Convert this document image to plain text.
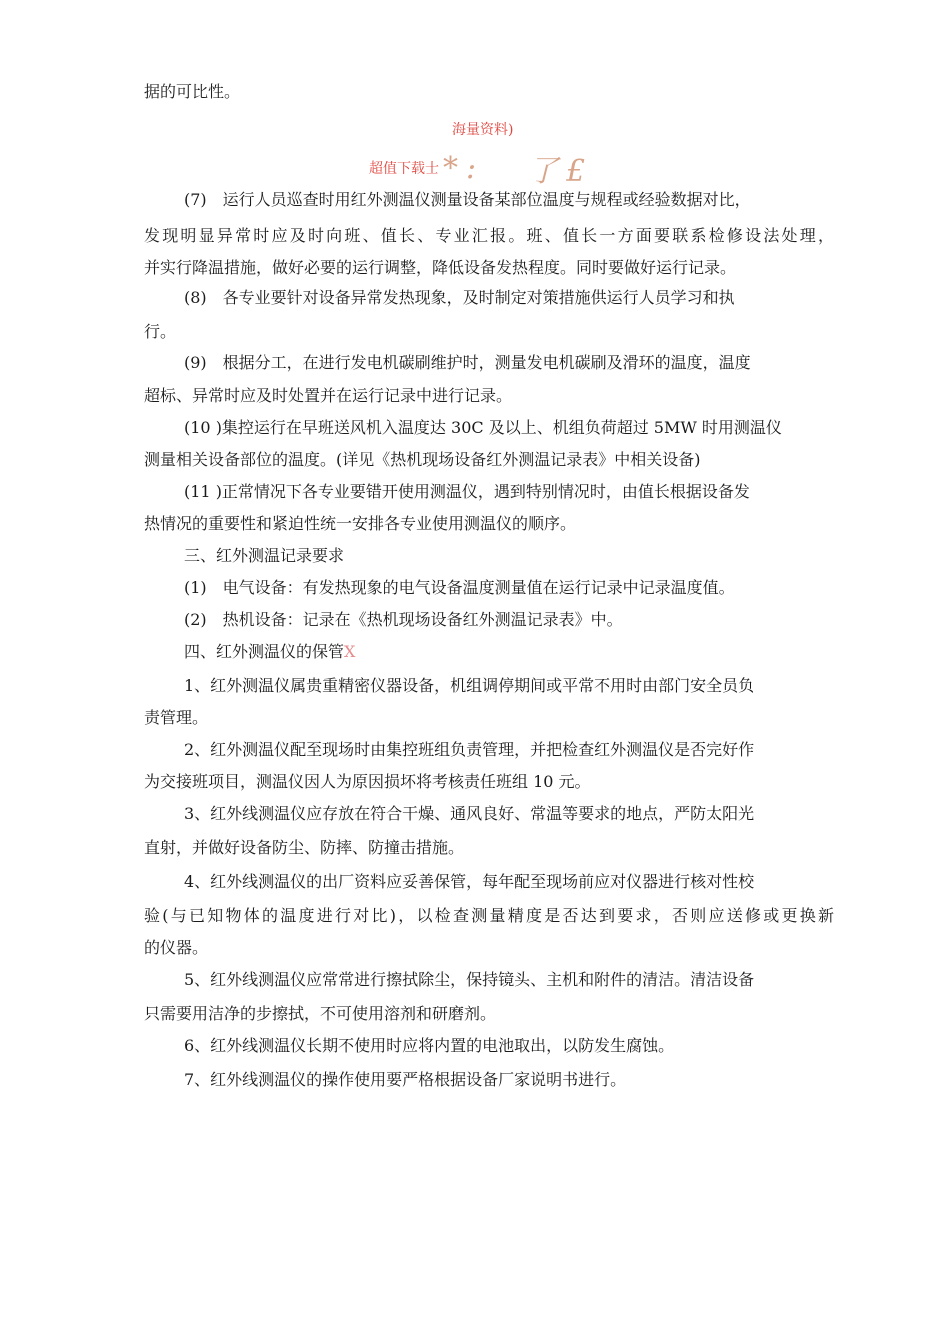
海量资料)
超值下载士 *: 了£
据的可比性。
(7)　运行人员巡查时用红外测温仪测量设备某部位温度与规程或经验数据对比，
发现明显异常时应及时向班、值长、专业汇报。班、值长一方面要联系检修设法处理，
并实行降温措施，做好必要的运行调整，降低设备发热程度。同时要做好运行记录。
(8)　各专业要针对设备异常发热现象，及时制定对策措施供运行人员学习和执
行。
(9)　根据分工，在进行发电机碳刷维护时，测量发电机碳刷及滑环的温度，温度
超标、异常时应及时处置并在运行记录中进行记录。
(10 )集控运行在早班送风机入温度达 30C 及以上、机组负荷超过 5MW 时用测温仪
测量相关设备部位的温度。(详见《热机现场设备红外测温记录表》中相关设备)
(11 )正常情况下各专业要错开使用测温仪，遇到特别情况时，由值长根据设备发
热情况的重要性和紧迫性统一安排各专业使用测温仪的顺序。
三、红外测温记录要求
(1)　电气设备：有发热现象的电气设备温度测量值在运行记录中记录温度值。
(2)　热机设备：记录在《热机现场设备红外测温记录表》中。
四、红外测温仪的保管X
1、红外测温仪属贵重精密仪器设备，机组调停期间或平常不用时由部门安全员负
责管理。
2、红外测温仪配至现场时由集控班组负责管理，并把检查红外测温仪是否完好作
为交接班项目，测温仪因人为原因损坏将考核责任班组 10 元。
3、红外线测温仪应存放在符合干燥、通风良好、常温等要求的地点，严防太阳光
直射，并做好设备防尘、防摔、防撞击措施。
4、红外线测温仪的出厂资料应妥善保管，每年配至现场前应对仪器进行核对性校
验(与已知物体的温度进行对比)，以检查测量精度是否达到要求，否则应送修或更换新
的仪器。
5、红外线测温仪应常常进行擦拭除尘，保持镜头、主机和附件的清洁。清洁设备
只需要用洁净的步擦拭，不可使用溶剂和研磨剂。
6、红外线测温仪长期不使用时应将内置的电池取出，以防发生腐蚀。
7、红外线测温仪的操作使用要严格根据设备厂家说明书进行。
